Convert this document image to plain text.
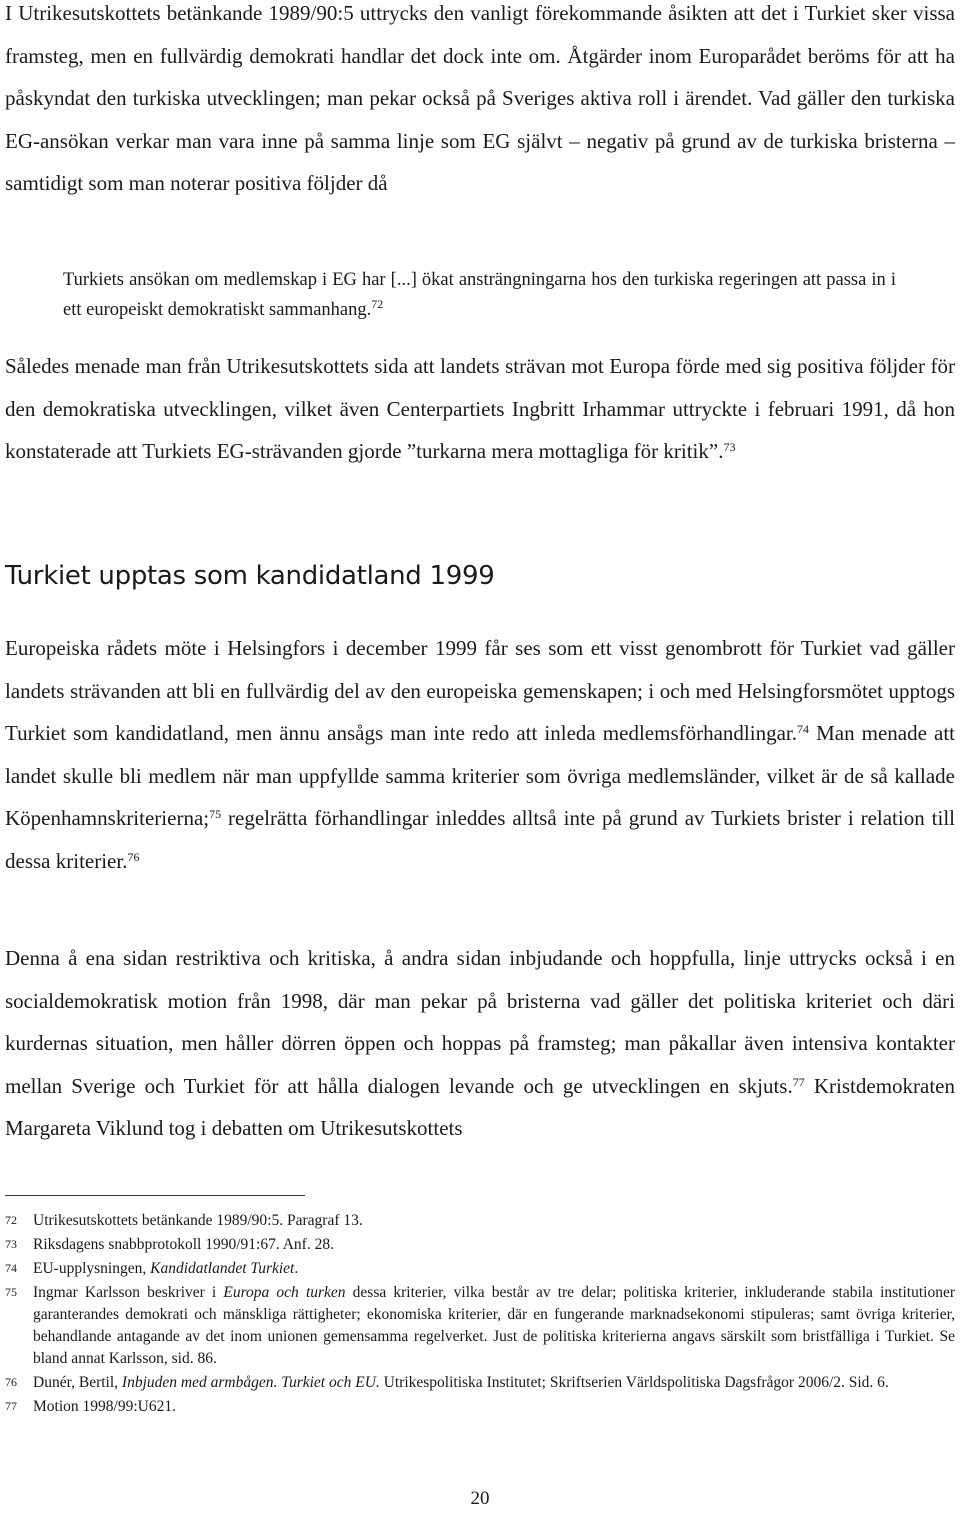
I Utrikesutskottets betänkande 1989/90:5 uttrycks den vanligt förekommande åsikten att det i Turkiet sker vissa framsteg, men en fullvärdig demokrati handlar det dock inte om. Åtgärder inom Europarådet beröms för att ha påskyndat den turkiska utvecklingen; man pekar också på Sveriges aktiva roll i ärendet. Vad gäller den turkiska EG-ansökan verkar man vara inne på samma linje som EG självt – negativ på grund av de turkiska bristerna – samtidigt som man noterar positiva följder då

Turkiets ansökan om medlemskap i EG har [...] ökat ansträngningarna hos den turkiska regeringen att passa in i ett europeiskt demokratiskt sammanhang.$^{72}$

Således menade man från Utrikesutskottets sida att landets strävan mot Europa förde med sig positiva följder för den demokratiska utvecklingen, vilket även Centerpartiets Ingbritt Irhammar uttryckte i februari 1991, då hon konstaterade att Turkiets EG-strävanden gjorde ”turkarna mera mottagliga för kritik”.$^{73}$

Turkiet upptas som kandidatland 1999

Europeiska rådets möte i Helsingfors i december 1999 får ses som ett visst genombrott för Turkiet vad gäller landets strävanden att bli en fullvärdig del av den europeiska gemenskapen; i och med Helsingforsmötet upptogs Turkiet som kandidatland, men ännu ansågs man inte redo att inleda medlemsförhandlingar.$^{74}$ Man menade att landet skulle bli medlem när man uppfyllde samma kriterier som övriga medlemsländer, vilket är de så kallade Köpenhamnskriterierna;$^{75}$ regelrätta förhandlingar inleddes alltså inte på grund av Turkiets brister i relation till dessa kriterier.$^{76}$

Denna å ena sidan restriktiva och kritiska, å andra sidan inbjudande och hoppfulla, linje uttrycks också i en socialdemokratisk motion från 1998, där man pekar på bristerna vad gäller det politiska kriteriet och däri kurdernas situation, men håller dörren öppen och hoppas på framsteg; man påkallar även intensiva kontakter mellan Sverige och Turkiet för att hålla dialogen levande och ge utvecklingen en skjuts.$^{77}$ Kristdemokraten Margareta Viklund tog i debatten om Utrikesutskottets

72	Utrikesutskottets betänkande 1989/90:5. Paragraf 13.
73	Riksdagens snabbprotokoll 1990/91:67. Anf. 28.
74	EU-upplysningen, Kandidatlandet Turkiet.
75	Ingmar Karlsson beskriver i Europa och turken dessa kriterier, vilka består av tre delar; politiska kriterier, inkluderande stabila institutioner garanterandes demokrati och mänskliga rättigheter; ekonomiska kriterier, där en fungerande marknadsekonomi stipuleras; samt övriga kriterier, behandlande antagande av det inom unionen gemensamma regelverket. Just de politiska kriterierna angavs särskilt som bristfälliga i Turkiet. Se bland annat Karlsson, sid. 86.
76	Dunér, Bertil, Inbjuden med armbågen. Turkiet och EU. Utrikespolitiska Institutet; Skriftserien Världspolitiska Dagsfrågor 2006/2. Sid. 6.
77	Motion 1998/99:U621.
20
